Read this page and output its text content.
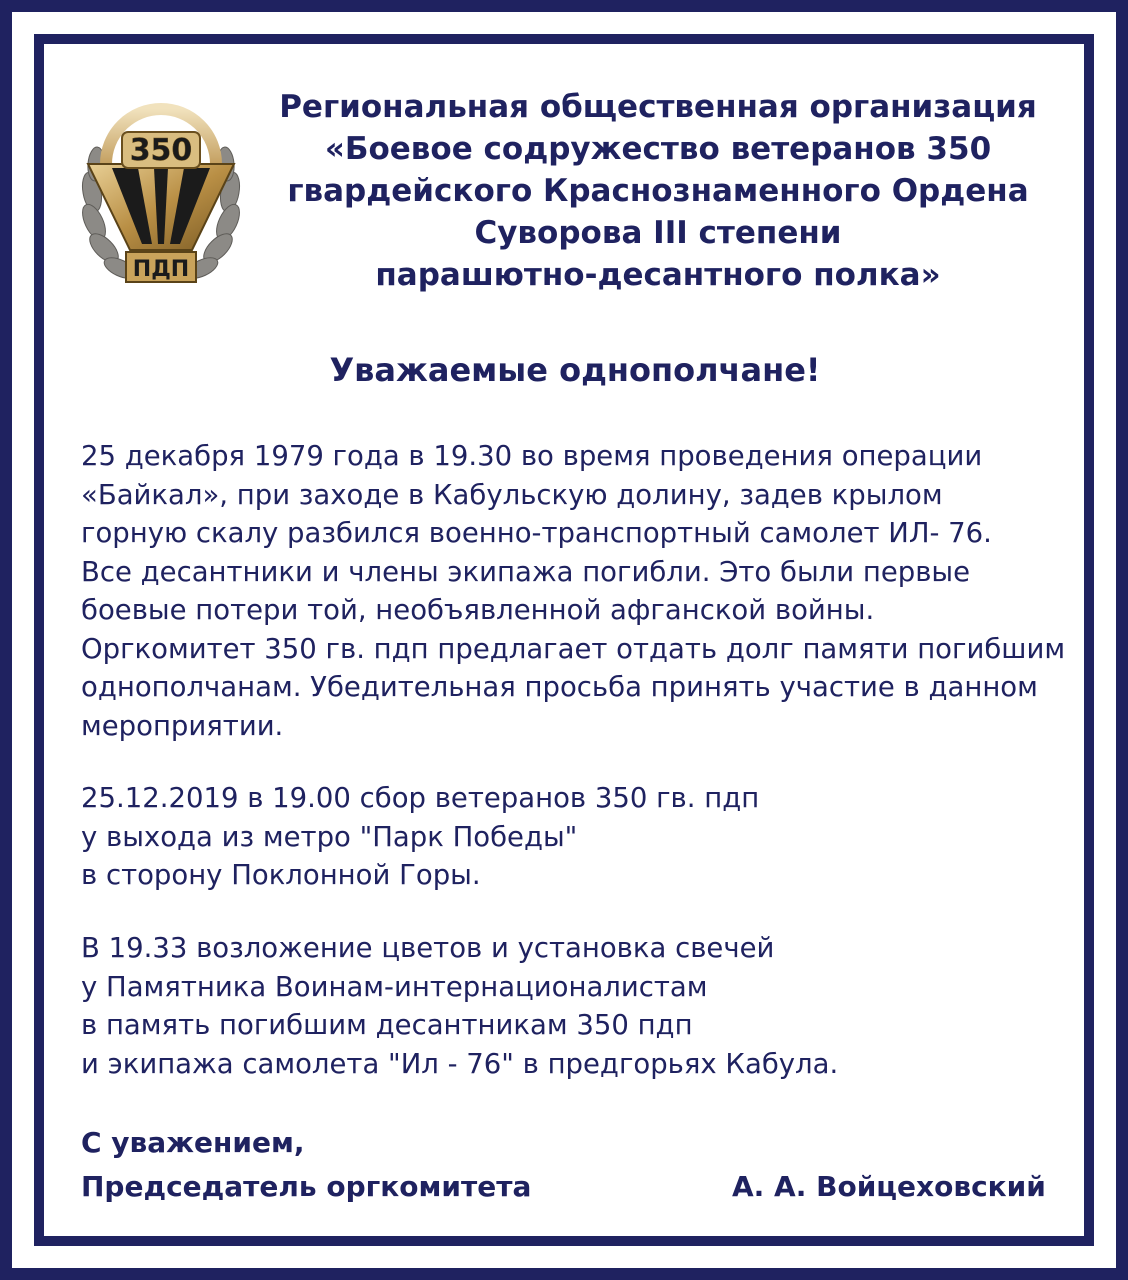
350
ПДП
Региональная общественная организация
«Боевое содружество ветеранов 350
гвардейского Краснознаменного Ордена
Суворова III степени
парашютно-десантного полка»
Уважаемые однополчане!
25 декабря 1979 года в 19.30 во время проведения операции
«Байкал», при заходе в Кабульскую долину, задев крылом
горную скалу разбился военно-транспортный самолет ИЛ- 76.
Все десантники и члены экипажа погибли. Это были первые
боевые потери той, необъявленной афганской войны.
Оргкомитет 350 гв. пдп предлагает отдать долг памяти погибшим
однополчанам. Убедительная просьба принять участие в данном
мероприятии.
25.12.2019 в 19.00 сбор ветеранов 350 гв. пдп
у выхода из метро "Парк Победы"
в сторону Поклонной Горы.
В 19.33 возложение цветов и установка свечей
у Памятника Воинам-интернационалистам
в память погибшим десантникам 350 пдп
и экипажа самолета "Ил - 76" в предгорьях Кабула.
С уважением,
Председатель оргкомитета	А. А. Войцеховский
